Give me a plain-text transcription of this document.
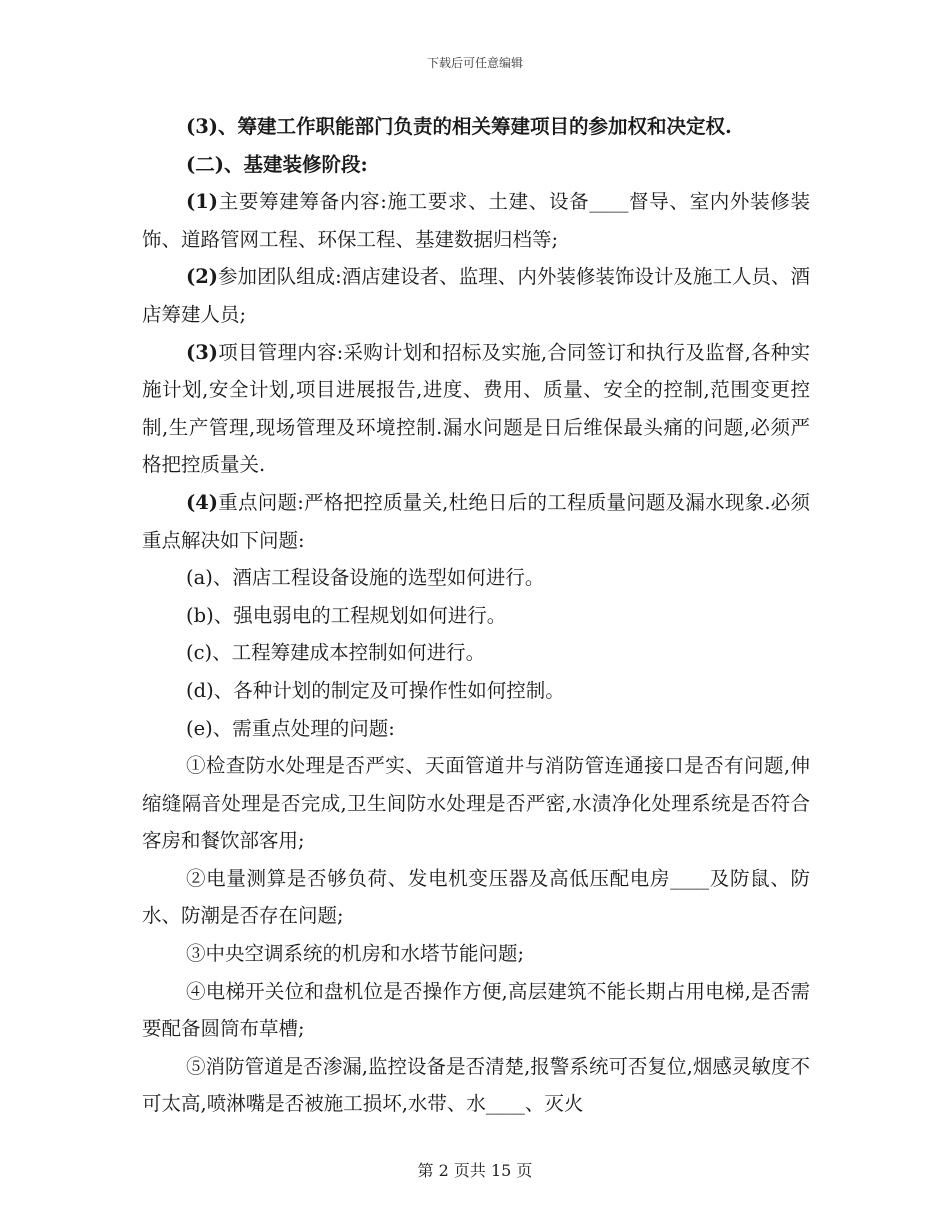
下载后可任意编辑

(3)、筹建工作职能部门负责的相关筹建项目的参加权和决定权.

(二)、基建装修阶段:

(1)主要筹建筹备内容:施工要求、土建、设备____督导、室内外装修装饰、道路管网工程、环保工程、基建数据归档等;

(2)参加团队组成:酒店建设者、监理、内外装修装饰设计及施工人员、酒店筹建人员;

(3)项目管理内容:采购计划和招标及实施,合同签订和执行及监督,各种实施计划,安全计划,项目进展报告,进度、费用、质量、安全的控制,范围变更控制,生产管理,现场管理及环境控制.漏水问题是日后维保最头痛的问题,必须严格把控质量关.

(4)重点问题:严格把控质量关,杜绝日后的工程质量问题及漏水现象.必须重点解决如下问题:

(a)、酒店工程设备设施的选型如何进行。

(b)、强电弱电的工程规划如何进行。

(c)、工程筹建成本控制如何进行。

(d)、各种计划的制定及可操作性如何控制。

(e)、需重点处理的问题:

①检查防水处理是否严实、天面管道井与消防管连通接口是否有问题,伸缩缝隔音处理是否完成,卫生间防水处理是否严密,水渍净化处理系统是否符合客房和餐饮部客用;

②电量测算是否够负荷、发电机变压器及高低压配电房____及防鼠、防水、防潮是否存在问题;

③中央空调系统的机房和水塔节能问题;

④电梯开关位和盘机位是否操作方便,高层建筑不能长期占用电梯,是否需要配备圆筒布草槽;

⑤消防管道是否渗漏,监控设备是否清楚,报警系统可否复位,烟感灵敏度不可太高,喷淋嘴是否被施工损坏,水带、水____、灭火

第 2 页共 15 页
